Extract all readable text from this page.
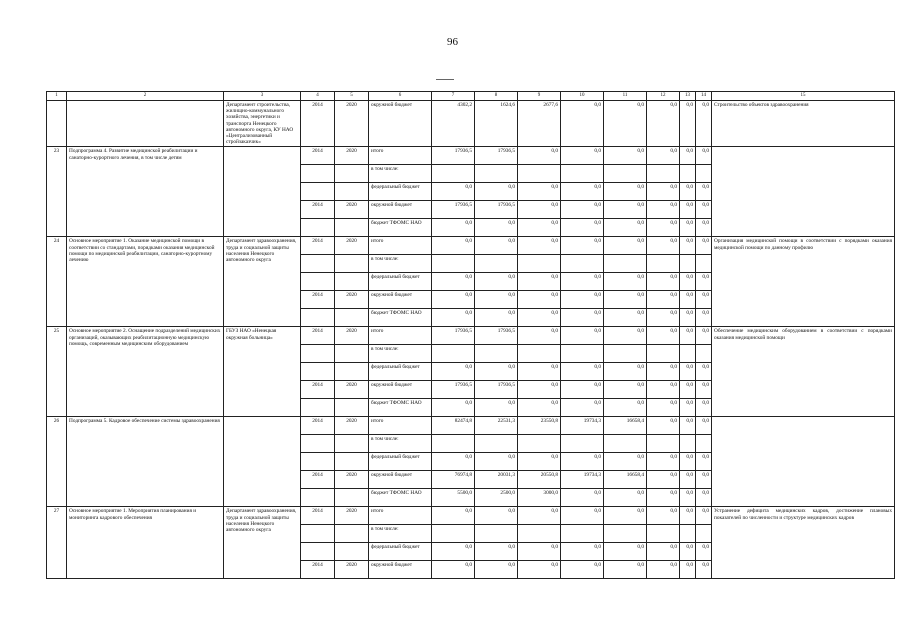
96
1	2	3	4	5	6	7	8	9	10	11	12	13	14	15
		Департамент строительства, жилищно-коммунального хозяйства, энергетики и транспорта Ненецкого автономного округа, КУ НАО «Централизованный стройзаказчик»	2014	2020	окружной бюджет	4302,2	1624,6	2677,6	0,0	0,0	0,0	0,0	0,0	Строительство объектов здравоохранения
23	Подпрограмма 4. Развитие медицинской реабилитации и санаторно-курортного лечения, в том числе детям		2014	2020	итого	17936,5	17936,5	0,0	0,0	0,0	0,0	0,0	0,0	
					в том числе:									
					федеральный бюджет	0,0	0,0	0,0	0,0	0,0	0,0	0,0	0,0	
			2014	2020	окружной бюджет	17936,5	17936,5	0,0	0,0	0,0	0,0	0,0	0,0	
					бюджет ТФОМС НАО	0,0	0,0	0,0	0,0	0,0	0,0	0,0	0,0	
24	Основное мероприятие 1. Оказание медицинской помощи в соответствии со стандартами, порядками оказания медицинской помощи по медицинской реабилитации, санаторно-курортному лечению	Департамент здравоохранения, труда и социальной защиты населения Ненецкого автономного округа	2014	2020	итого	0,0	0,0	0,0	0,0	0,0	0,0	0,0	0,0	Организация медицинской помощи в соответствии с порядками оказания медицинской помощи по данному профилю
					в том числе:									
					федеральный бюджет	0,0	0,0	0,0	0,0	0,0	0,0	0,0	0,0	
			2014	2020	окружной бюджет	0,0	0,0	0,0	0,0	0,0	0,0	0,0	0,0	
					бюджет ТФОМС НАО	0,0	0,0	0,0	0,0	0,0	0,0	0,0	0,0	
25	Основное мероприятие 2. Оснащение подразделений медицинских организаций, оказывающих реабилитационную медицинскую помощь, современным медицинским оборудованием	ГБУЗ НАО «Ненецкая окружная больница»	2014	2020	итого	17936,5	17936,5	0,0	0,0	0,0	0,0	0,0	0,0	Обеспечение медицинским оборудованием в соответствии с порядками оказания медицинской помощи
					в том числе:									
					федеральный бюджет	0,0	0,0	0,0	0,0	0,0	0,0	0,0	0,0	
			2014	2020	окружной бюджет	17936,5	17936,5	0,0	0,0	0,0	0,0	0,0	0,0	
					бюджет ТФОМС НАО	0,0	0,0	0,0	0,0	0,0	0,0	0,0	0,0	
26	Подпрограмма 5. Кадровое обеспечение системы здравоохранения		2014	2020	итого	82474,8	22531,3	23550,8	19734,3	16658,4	0,0	0,0	0,0	
					в том числе:									
					федеральный бюджет	0,0	0,0	0,0	0,0	0,0	0,0	0,0	0,0	
			2014	2020	окружной бюджет	76974,8	20031,3	20550,8	19734,3	16658,4	0,0	0,0	0,0	
					бюджет ТФОМС НАО	5500,0	2500,0	3000,0	0,0	0,0	0,0	0,0	0,0	
27	Основное мероприятие 1. Мероприятия планирования и мониторинга кадрового обеспечения	Департамент здравоохранения, труда и социальной защиты населения Ненецкого автономного округа	2014	2020	итого	0,0	0,0	0,0	0,0	0,0	0,0	0,0	0,0	Устранение дефицита медицинских кадров, достижение плановых показателей по численности и структуре медицинских кадров
					в том числе:									
					федеральный бюджет	0,0	0,0	0,0	0,0	0,0	0,0	0,0	0,0	
			2014	2020	окружной бюджет	0,0	0,0	0,0	0,0	0,0	0,0	0,0	0,0	
